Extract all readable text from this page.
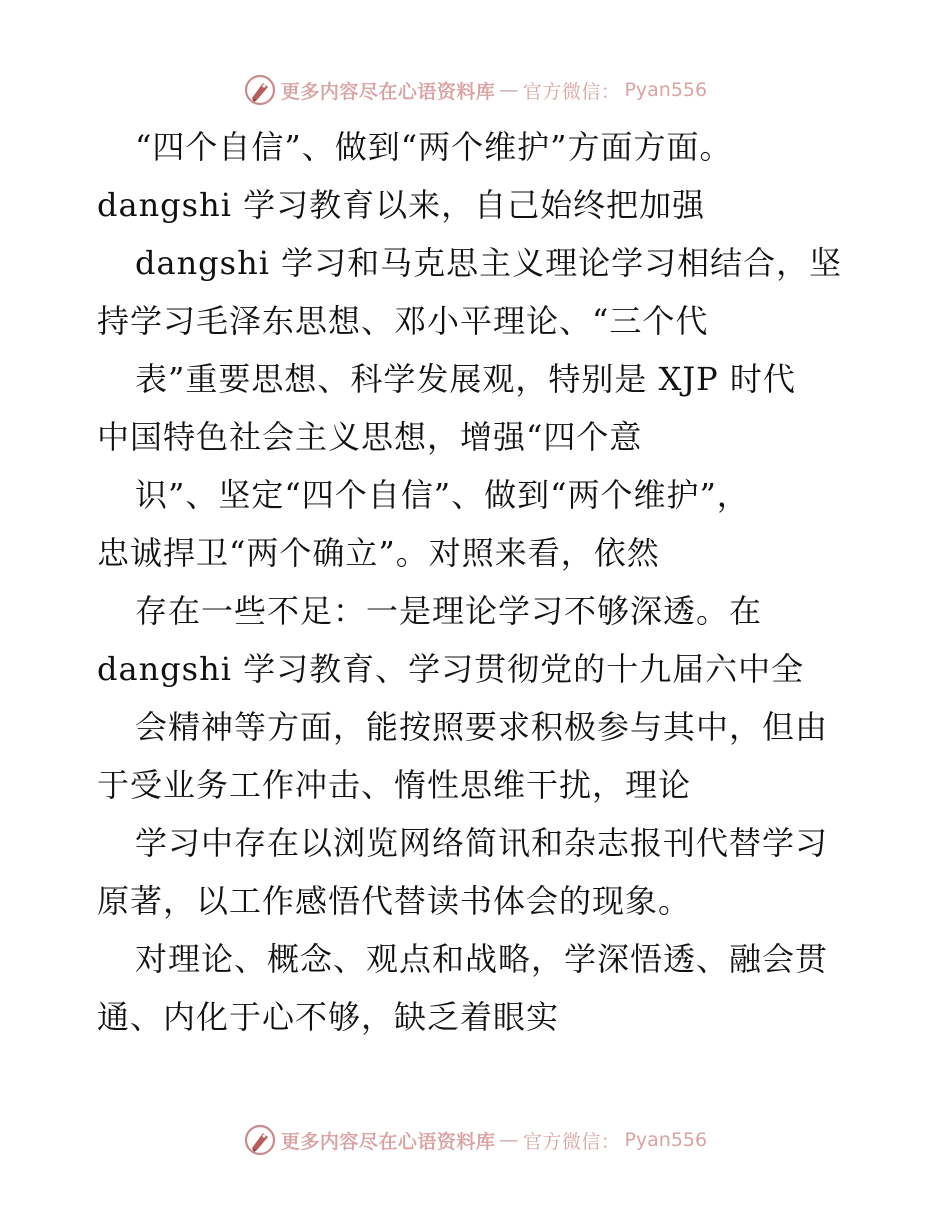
更多内容尽在心语资料库 — 官方微信： Pyan556
“四个自信”、做到“两个维护”方面方面。
dangshi 学习教育以来，自己始终把加强
dangshi 学习和马克思主义理论学习相结合，坚
持学习毛泽东思想、邓小平理论、“三个代
表”重要思想、科学发展观，特别是 XJP 时代
中国特色社会主义思想，增强“四个意
识”、坚定“四个自信”、做到“两个维护”，
忠诚捍卫“两个确立”。对照来看，依然
存在一些不足：一是理论学习不够深透。在
dangshi 学习教育、学习贯彻党的十九届六中全
会精神等方面，能按照要求积极参与其中，但由
于受业务工作冲击、惰性思维干扰，理论
学习中存在以浏览网络简讯和杂志报刊代替学习
原著，以工作感悟代替读书体会的现象。
对理论、概念、观点和战略，学深悟透、融会贯
通、内化于心不够，缺乏着眼实
更多内容尽在心语资料库 — 官方微信： Pyan556
